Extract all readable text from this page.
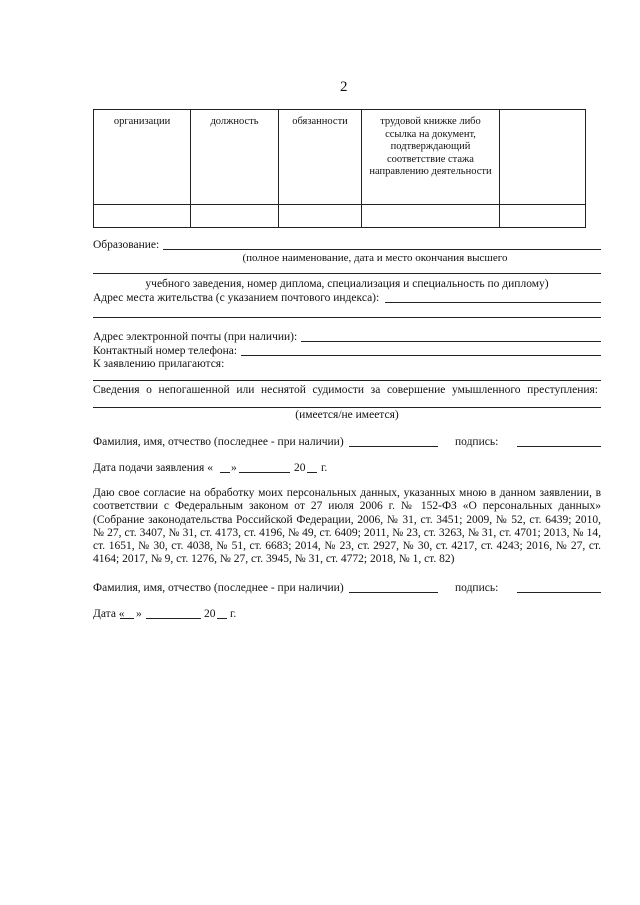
2
организации	должность	обязанности	трудовой книжке либо ссылка на документ, подтверждающий соответствие стажа направлению деятельности	

Образование:
(полное наименование, дата и место окончания высшего
учебного заведения, номер диплома, специализация и специальность по диплому)
Адрес места жительства (с указанием почтового индекса):
Адрес электронной почты (при наличии):
Контактный номер телефона:
К заявлению прилагаются:
Сведения о непогашенной или неснятой судимости за совершение умышленного преступления:
(имеется/не имеется)
Фамилия, имя, отчество (последнее - при наличии)	подпись:
Дата подачи заявления « »	20 г.
Даю свое согласие на обработку моих персональных данных, указанных мною в данном заявлении, в соответствии с Федеральным законом от 27 июля 2006 г. № 152-ФЗ «О персональных данных» (Собрание законодательства Российской Федерации, 2006, № 31, ст. 3451; 2009, № 52, ст. 6439; 2010, № 27, ст. 3407, № 31, ст. 4173, ст. 4196, № 49, ст. 6409; 2011, № 23, ст. 3263, № 31, ст. 4701; 2013, № 14, ст. 1651, № 30, ст. 4038, № 51, ст. 6683; 2014, № 23, ст. 2927, № 30, ст. 4217, ст. 4243; 2016, № 27, ст. 4164; 2017, № 9, ст. 1276, № 27, ст. 3945, № 31, ст. 4772; 2018, № 1, ст. 82)
Фамилия, имя, отчество (последнее - при наличии)	подпись:
Дата « »	20 г.
